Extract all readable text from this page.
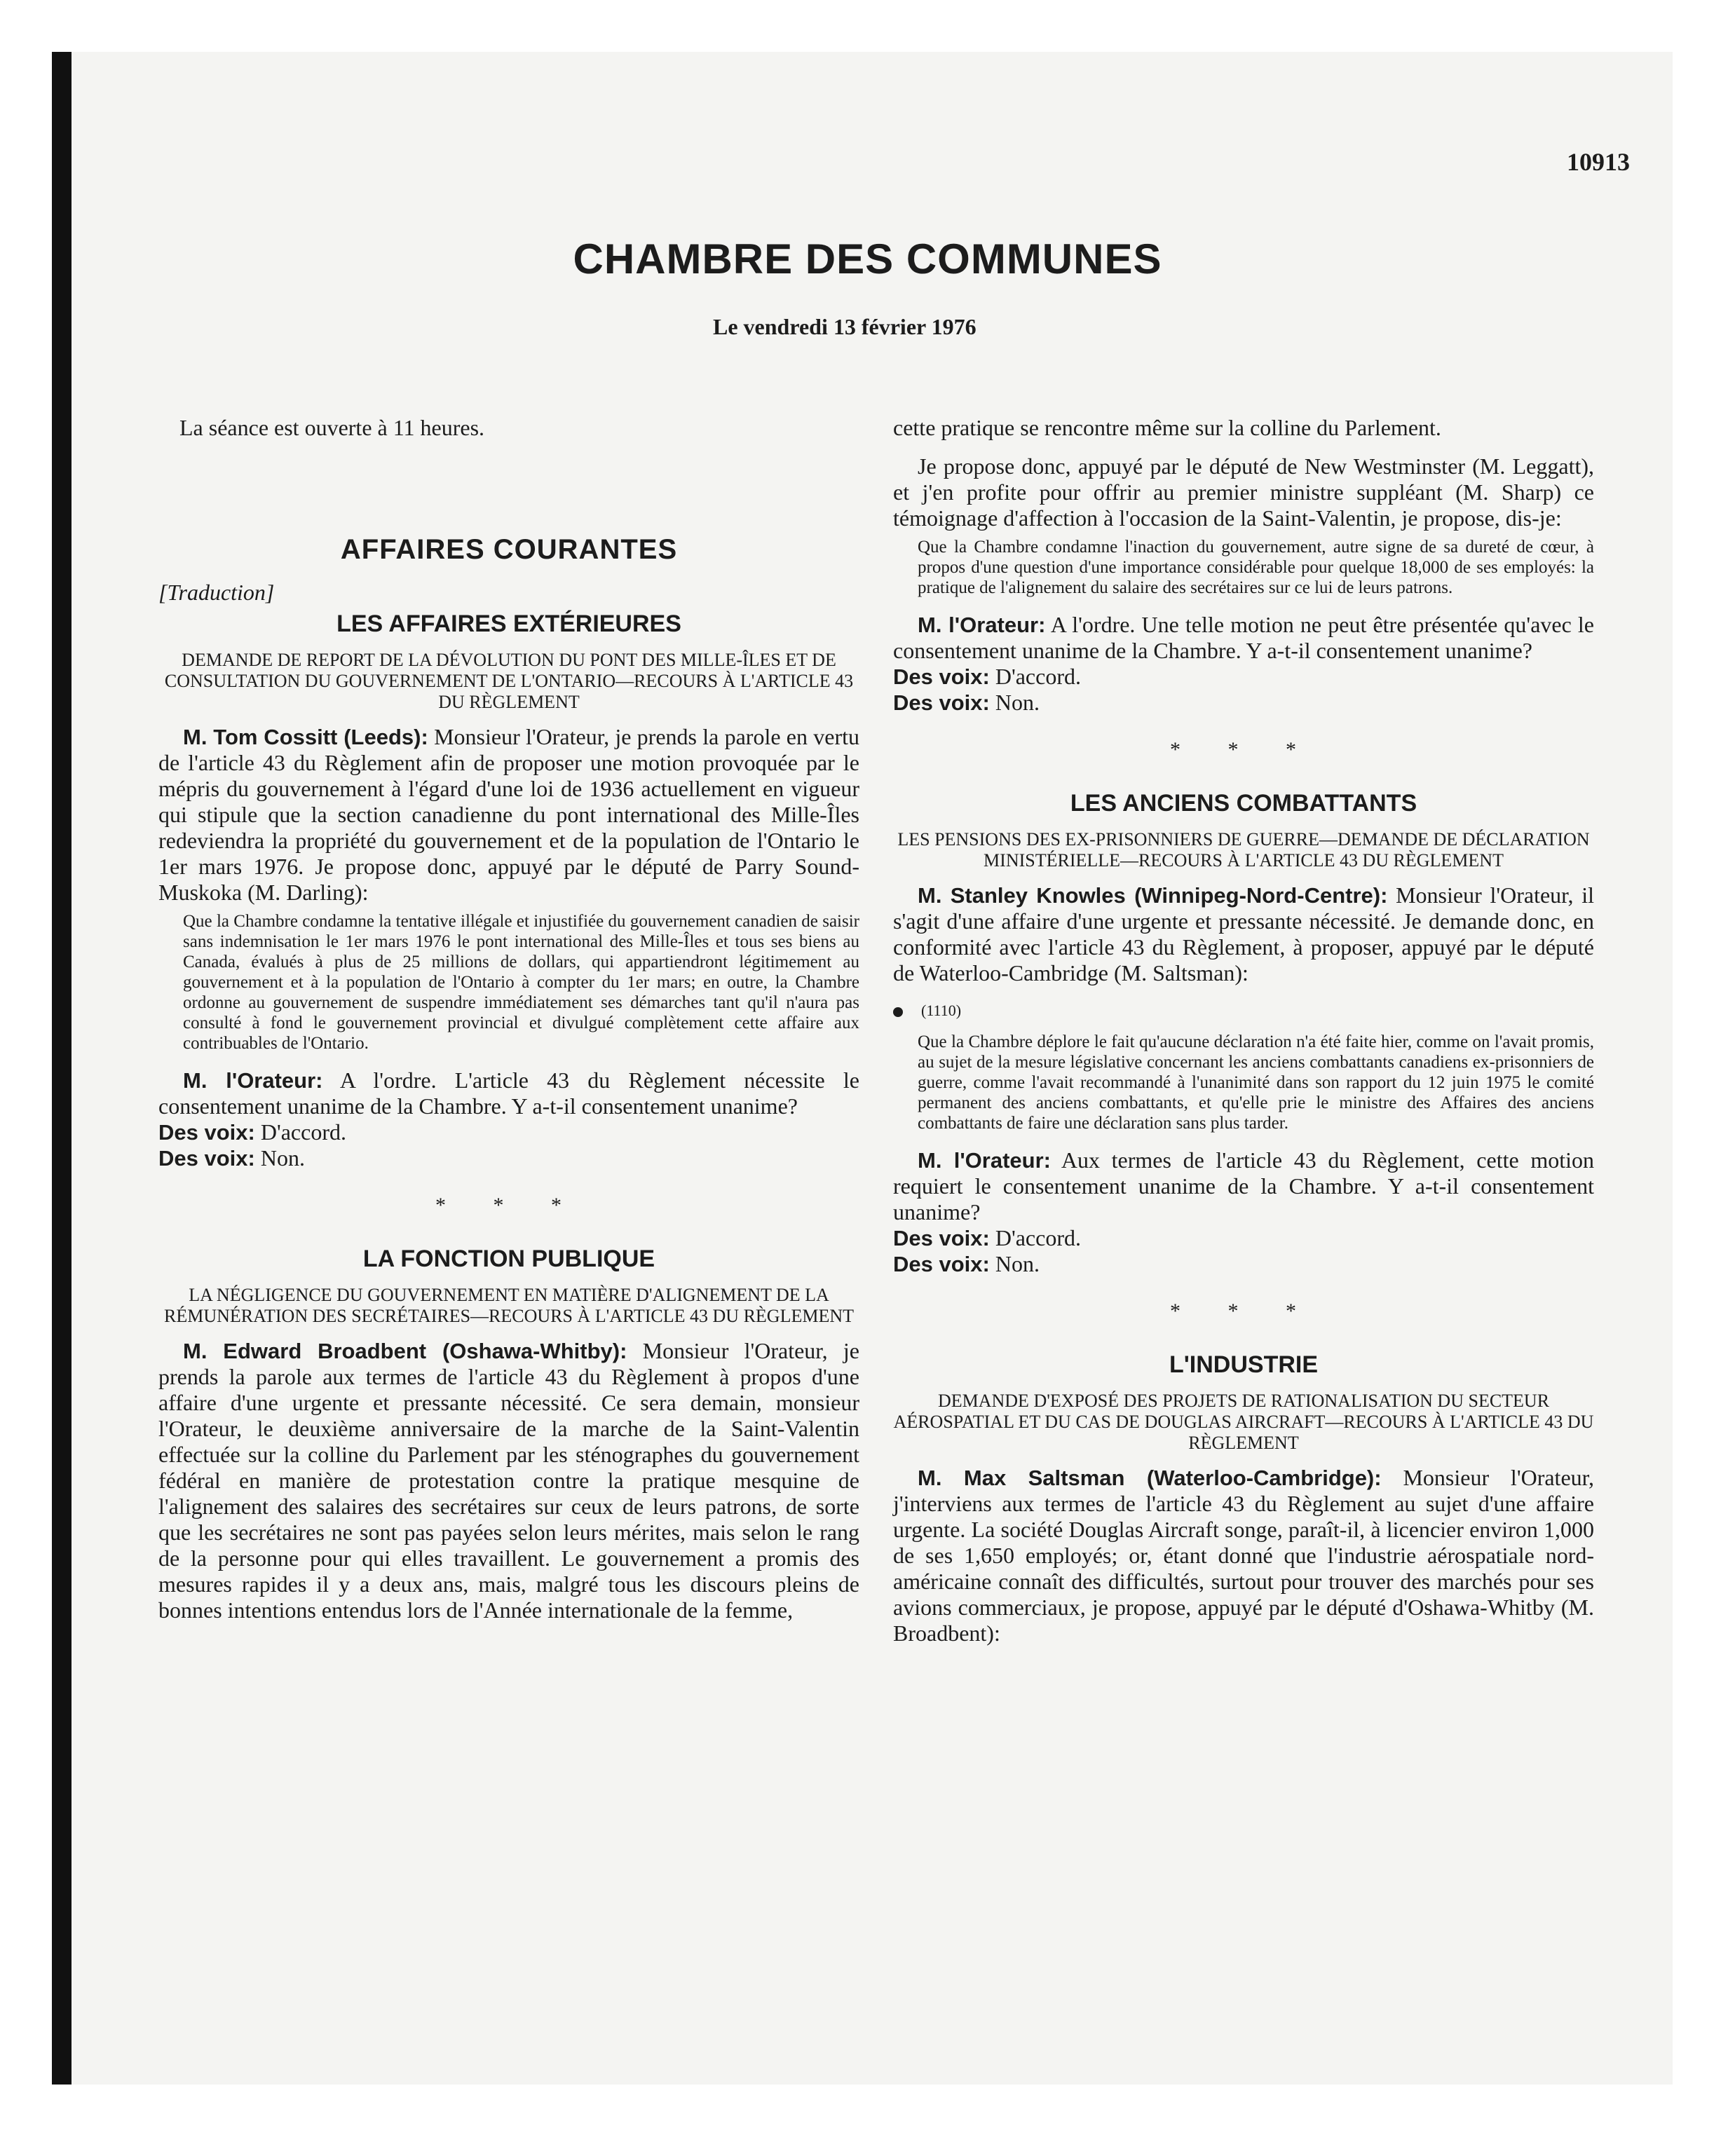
10913
CHAMBRE DES COMMUNES
Le vendredi 13 février 1976

La séance est ouverte à 11 heures.

AFFAIRES COURANTES
[Traduction]
LES AFFAIRES EXTÉRIEURES
DEMANDE DE REPORT DE LA DÉVOLUTION DU PONT DES MILLE-ÎLES ET DE CONSULTATION DU GOUVERNEMENT DE L'ONTARIO—RECOURS À L'ARTICLE 43 DU RÈGLEMENT

M. Tom Cossitt (Leeds): Monsieur l'Orateur, je prends la parole en vertu de l'article 43 du Règlement afin de proposer une motion provoquée par le mépris du gouvernement à l'égard d'une loi de 1936 actuellement en vigueur qui stipule que la section canadienne du pont international des Mille-Îles redeviendra la propriété du gouvernement et de la population de l'Ontario le 1er mars 1976. Je propose donc, appuyé par le député de Parry Sound-Muskoka (M. Darling):

Que la Chambre condamne la tentative illégale et injustifiée du gouvernement canadien de saisir sans indemnisation le 1er mars 1976 le pont international des Mille-Îles et tous ses biens au Canada, évalués à plus de 25 millions de dollars, qui appartiendront légitimement au gouvernement et à la population de l'Ontario à compter du 1er mars; en outre, la Chambre ordonne au gouvernement de suspendre immédiatement ses démarches tant qu'il n'aura pas consulté à fond le gouvernement provincial et divulgué complètement cette affaire aux contribuables de l'Ontario.

M. l'Orateur: A l'ordre. L'article 43 du Règlement nécessite le consentement unanime de la Chambre. Y a-t-il consentement unanime?

Des voix: D'accord.

Des voix: Non.

* * *
LA FONCTION PUBLIQUE
LA NÉGLIGENCE DU GOUVERNEMENT EN MATIÈRE D'ALIGNEMENT DE LA RÉMUNÉRATION DES SECRÉTAIRES—RECOURS À L'ARTICLE 43 DU RÈGLEMENT

M. Edward Broadbent (Oshawa-Whitby): Monsieur l'Orateur, je prends la parole aux termes de l'article 43 du Règlement à propos d'une affaire d'une urgente et pressante nécessité. Ce sera demain, monsieur l'Orateur, le deuxième anniversaire de la marche de la Saint-Valentin effectuée sur la colline du Parlement par les sténographes du gouvernement fédéral en manière de protestation contre la pratique mesquine de l'alignement des salaires des secrétaires sur ceux de leurs patrons, de sorte que les secrétaires ne sont pas payées selon leurs mérites, mais selon le rang de la personne pour qui elles travaillent. Le gouvernement a promis des mesures rapides il y a deux ans, mais, malgré tous les discours pleins de bonnes intentions entendus lors de l'Année internationale de la femme,

cette pratique se rencontre même sur la colline du Parlement.

Je propose donc, appuyé par le député de New Westminster (M. Leggatt), et j'en profite pour offrir au premier ministre suppléant (M. Sharp) ce témoignage d'affection à l'occasion de la Saint-Valentin, je propose, dis-je:

Que la Chambre condamne l'inaction du gouvernement, autre signe de sa dureté de cœur, à propos d'une question d'une importance considérable pour quelque 18,000 de ses employés: la pratique de l'alignement du salaire des secrétaires sur ce lui de leurs patrons.

M. l'Orateur: A l'ordre. Une telle motion ne peut être présentée qu'avec le consentement unanime de la Chambre. Y a-t-il consentement unanime?

Des voix: D'accord.

Des voix: Non.

* * *
LES ANCIENS COMBATTANTS
LES PENSIONS DES EX-PRISONNIERS DE GUERRE—DEMANDE DE DÉCLARATION MINISTÉRIELLE—RECOURS À L'ARTICLE 43 DU RÈGLEMENT

M. Stanley Knowles (Winnipeg-Nord-Centre): Monsieur l'Orateur, il s'agit d'une affaire d'une urgente et pressante nécessité. Je demande donc, en conformité avec l'article 43 du Règlement, à proposer, appuyé par le député de Waterloo-Cambridge (M. Saltsman):

(1110)
Que la Chambre déplore le fait qu'aucune déclaration n'a été faite hier, comme on l'avait promis, au sujet de la mesure législative concernant les anciens combattants canadiens ex-prisonniers de guerre, comme l'avait recommandé à l'unanimité dans son rapport du 12 juin 1975 le comité permanent des anciens combattants, et qu'elle prie le ministre des Affaires des anciens combattants de faire une déclaration sans plus tarder.

M. l'Orateur: Aux termes de l'article 43 du Règlement, cette motion requiert le consentement unanime de la Chambre. Y a-t-il consentement unanime?

Des voix: D'accord.

Des voix: Non.

* * *
L'INDUSTRIE
DEMANDE D'EXPOSÉ DES PROJETS DE RATIONALISATION DU SECTEUR AÉROSPATIAL ET DU CAS DE DOUGLAS AIRCRAFT—RECOURS À L'ARTICLE 43 DU RÈGLEMENT

M. Max Saltsman (Waterloo-Cambridge): Monsieur l'Orateur, j'interviens aux termes de l'article 43 du Règlement au sujet d'une affaire urgente. La société Douglas Aircraft songe, paraît-il, à licencier environ 1,000 de ses 1,650 employés; or, étant donné que l'industrie aérospatiale nord-américaine connaît des difficultés, surtout pour trouver des marchés pour ses avions commerciaux, je propose, appuyé par le député d'Oshawa-Whitby (M. Broadbent):
